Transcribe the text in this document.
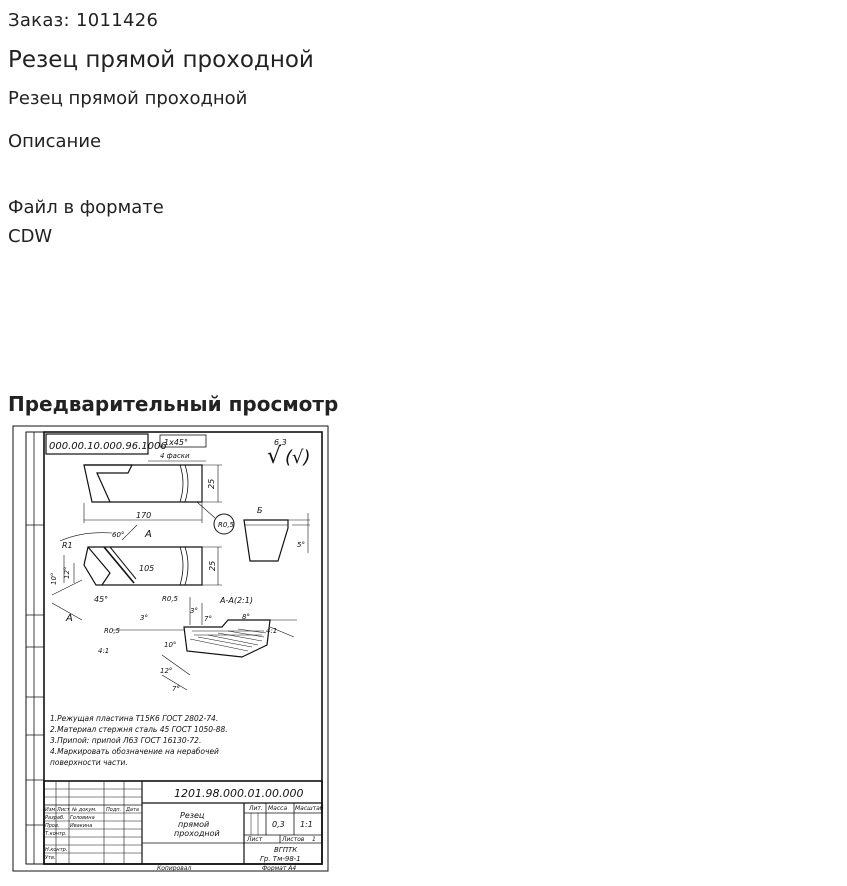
Заказ: 1011426
Резец прямой проходной
Резец прямой проходной
Описание
Файл в формате CDW
Предварительный просмотр
000.00.10.000.96.1006
1х45°
4 фаски	√ (√)
6,3
170
25
R0,5
Б
5°
105	25
R1
60° А
45°
А
12°
10°
А-А(2:1)
R0,5
3°
7°
3°	8°
R0,5
4:1
4:1
10°
12°
7°
1.Режущая пластина Т15К6 ГОСТ 2802-74.
2.Материал стержня сталь 45 ГОСТ 1050-88.
3.Припой: припой Л63 ГОСТ 16130-72.
4.Маркировать обозначение на нерабочей
поверхности части.
1201.98.000.01.00.000
Резец
прямой
проходной
Лит. Масса Масштаб
0,3 1:1
Лист	Листов 1
ВГПТК
Гр. Тм-98-1
Изм. Лист № докум. Подп. Дата
Разраб. Головина
Пров. Ивакина
Т.контр.
Н.контр.
Утв.
Копировал	Формат А4
